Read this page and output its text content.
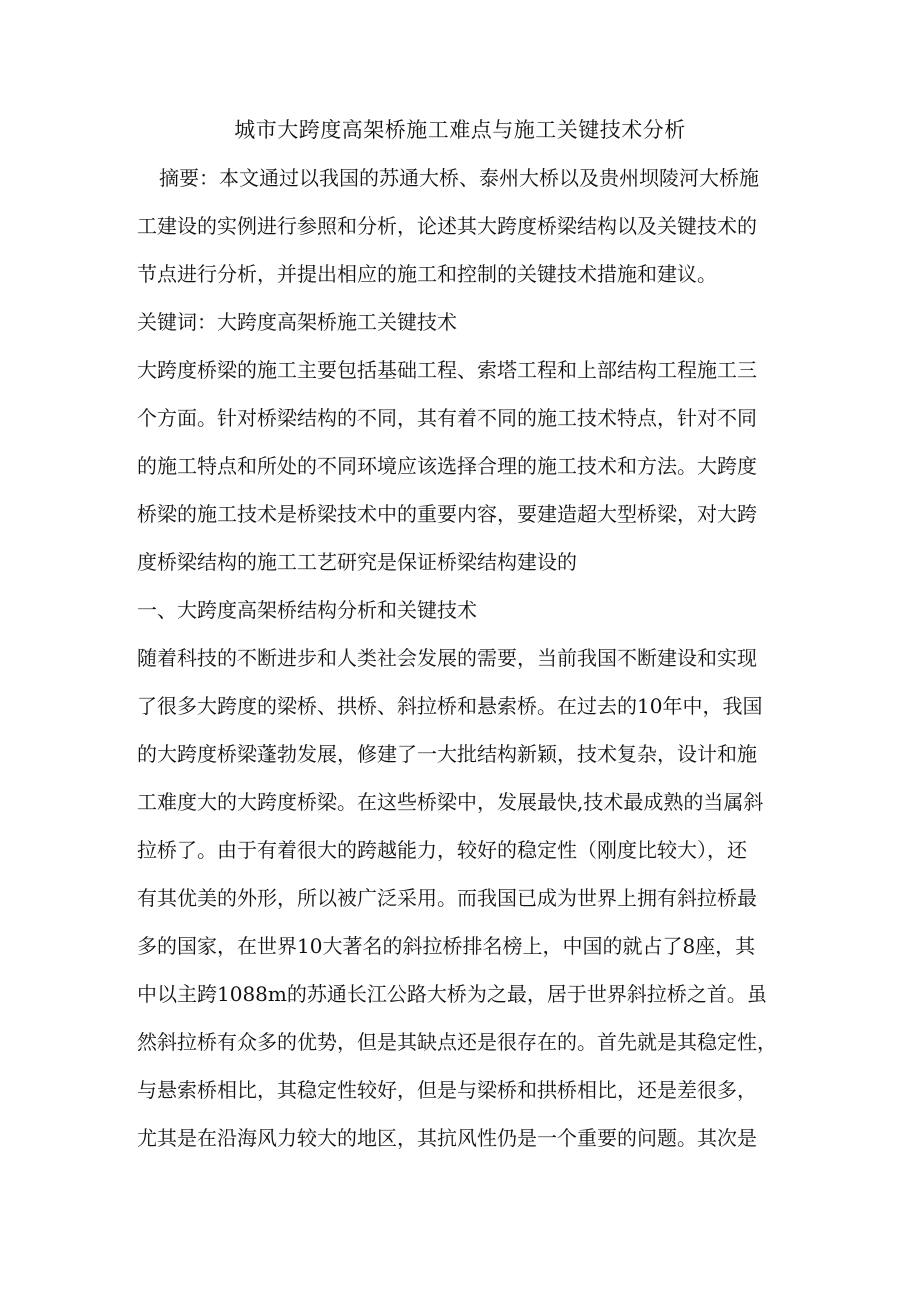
城市大跨度高架桥施工难点与施工关键技术分析
摘要：本文通过以我国的苏通大桥、泰州大桥以及贵州坝陵河大桥施
工建设的实例进行参照和分析，论述其大跨度桥梁结构以及关键技术的
节点进行分析，并提出相应的施工和控制的关键技术措施和建议。
关键词：大跨度高架桥施工关键技术
大跨度桥梁的施工主要包括基础工程、索塔工程和上部结构工程施工三
个方面。针对桥梁结构的不同，其有着不同的施工技术特点，针对不同
的施工特点和所处的不同环境应该选择合理的施工技术和方法。大跨度
桥梁的施工技术是桥梁技术中的重要内容，要建造超大型桥梁，对大跨
度桥梁结构的施工工艺研究是保证桥梁结构建设的
一、大跨度高架桥结构分析和关键技术
随着科技的不断进步和人类社会发展的需要，当前我国不断建设和实现
了很多大跨度的梁桥、拱桥、斜拉桥和悬索桥。在过去的10年中，我国
的大跨度桥梁蓬勃发展，修建了一大批结构新颖，技术复杂，设计和施
工难度大的大跨度桥梁。在这些桥梁中，发展最快,技术最成熟的当属斜
拉桥了。由于有着很大的跨越能力，较好的稳定性（刚度比较大），还
有其优美的外形，所以被广泛采用。而我国已成为世界上拥有斜拉桥最
多的国家，在世界10大著名的斜拉桥排名榜上，中国的就占了8座，其
中以主跨1088m的苏通长江公路大桥为之最，居于世界斜拉桥之首。虽
然斜拉桥有众多的优势，但是其缺点还是很存在的。首先就是其稳定性，
与悬索桥相比，其稳定性较好，但是与梁桥和拱桥相比，还是差很多，
尤其是在沿海风力较大的地区，其抗风性仍是一个重要的问题。其次是
